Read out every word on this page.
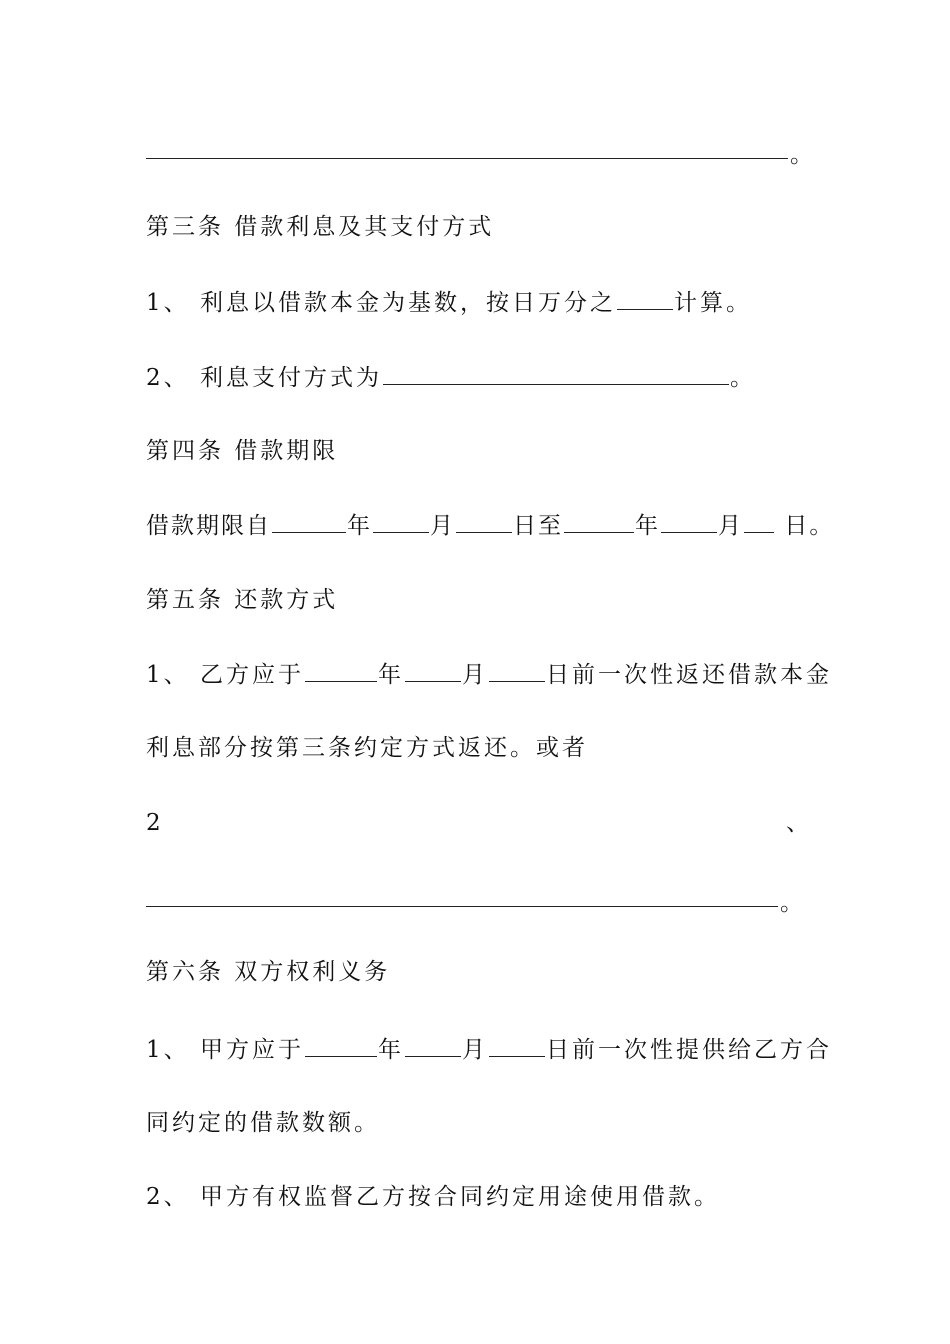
。
第三条 借款利息及其支付方式
1、 利息以借款本金为基数，按日万分之	计算。
2、 利息支付方式为	。
第四条 借款期限
借款期限自	年	月	日至	年	月 日。
第五条 还款方式
1、 乙方应于	年	月	日前一次性返还借款本金
利息部分按第三条约定方式返还。或者
2	、
。
第六条 双方权利义务
1、 甲方应于	年	月	日前一次性提供给乙方合
同约定的借款数额。
2、 甲方有权监督乙方按合同约定用途使用借款。
